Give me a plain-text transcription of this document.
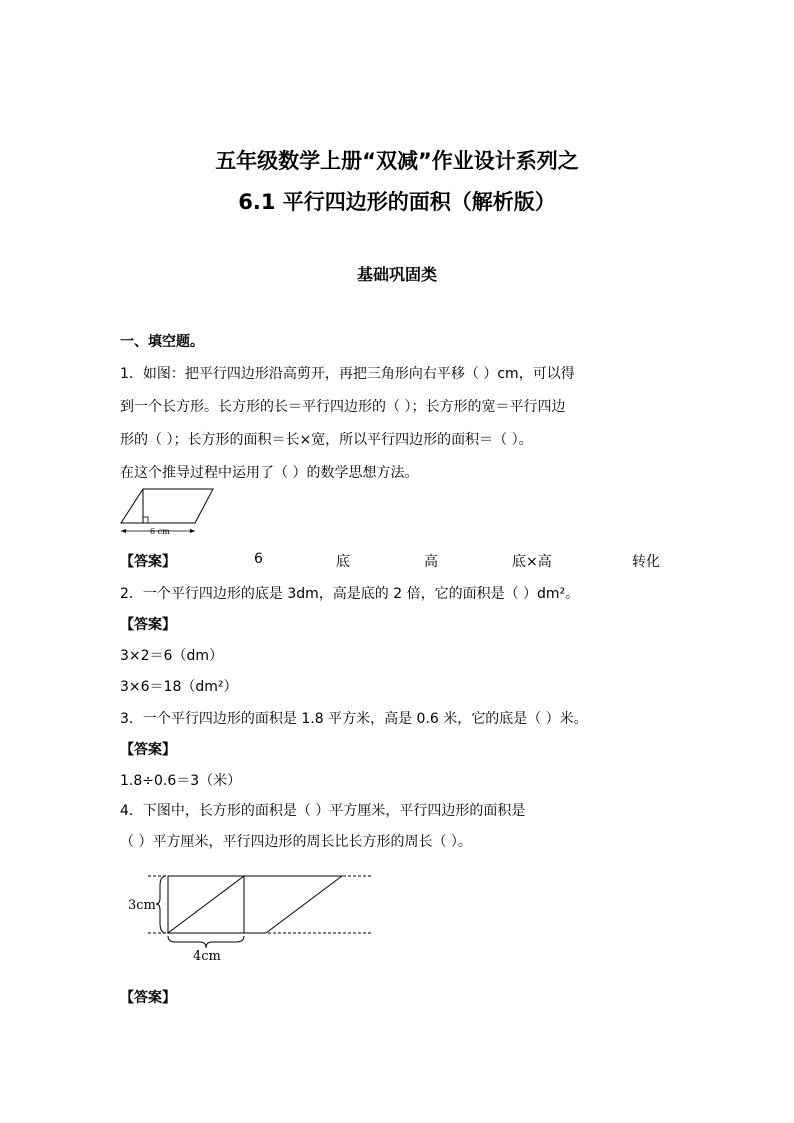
五年级数学上册“双减”作业设计系列之
6.1 平行四边形的面积（解析版）
基础巩固类
一、填空题。
1．如图：把平行四边形沿高剪开，再把三角形向右平移（ ）cm，可以得
到一个长方形。长方形的长＝平行四边形的（ ）；长方形的宽＝平行四边
形的（ ）；长方形的面积＝长×宽，所以平行四边形的面积＝（ ）。
在这个推导过程中运用了（ ）的数学思想方法。
6 cm
【答案】	6	底	高	底×高	转化
2．一个平行四边形的底是 3dm，高是底的 2 倍，它的面积是（ ）dm²。
【答案】
3×2＝6（dm）
3×6＝18（dm²）
3．一个平行四边形的面积是 1.8 平方米，高是 0.6 米，它的底是（ ）米。
【答案】
1.8÷0.6＝3（米）
4．下图中，长方形的面积是（ ）平方厘米，平行四边形的面积是
（ ）平方厘米，平行四边形的周长比长方形的周长（ ）。
3cm
4cm
【答案】
